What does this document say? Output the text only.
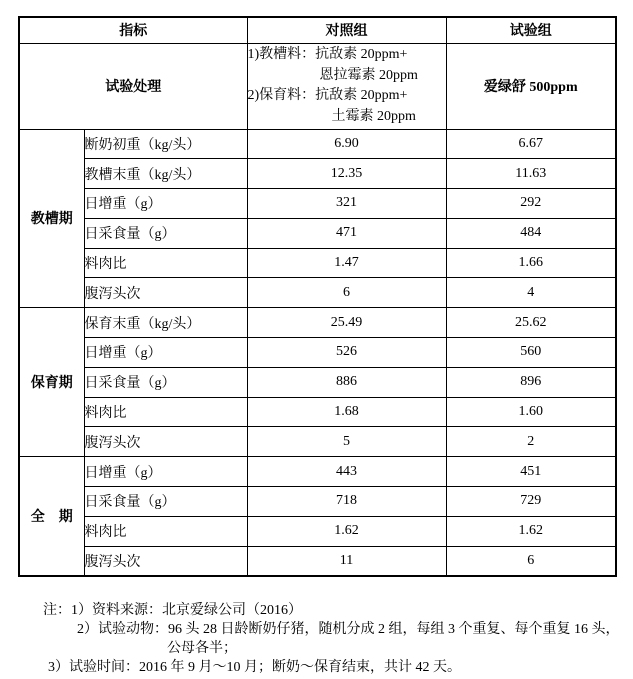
指标		对照组	试验组
试验处理		1)教槽料：抗敌素 20ppm+
恩拉霉素 20ppm
2)保育料：抗敌素 20ppm+
土霉素 20ppm	爱绿舒 500ppm
教槽期	断奶初重（kg/头）	6.90	6.67
	教槽末重（kg/头）	12.35	11.63
	日增重（g）	321	292
	日采食量（g）	471	484
	料肉比	1.47	1.66
	腹泻头次	6	4
保育期	保育末重（kg/头）	25.49	25.62
	日增重（g）	526	560
	日采食量（g）	886	896
	料肉比	1.68	1.60
	腹泻头次	5	2
全　期	日增重（g）	443	451
	日采食量（g）	718	729
	料肉比	1.62	1.62
	腹泻头次	11	6
注：1）资料来源：北京爱绿公司（2016）
2）试验动物：96 头 28 日龄断奶仔猪，随机分成 2 组，每组 3 个重复、每个重复 16 头，
公母各半；
3）试验时间：2016 年 9 月～10 月；断奶～保育结束，共计 42 天。
